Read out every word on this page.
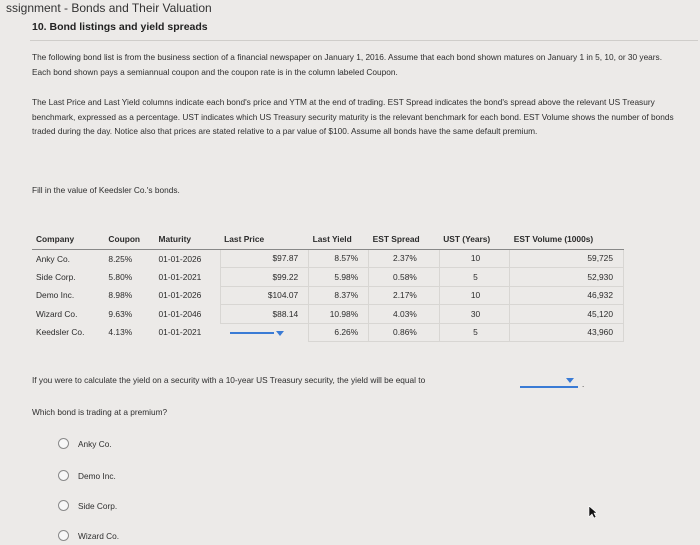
ssignment - Bonds and Their Valuation
10. Bond listings and yield spreads
The following bond list is from the business section of a financial newspaper on January 1, 2016. Assume that each bond shown matures on January 1 in 5, 10, or 30 years. Each bond shown pays a semiannual coupon and the coupon rate is in the column labeled Coupon.
The Last Price and Last Yield columns indicate each bond's price and YTM at the end of trading. EST Spread indicates the bond's spread above the relevant US Treasury benchmark, expressed as a percentage. UST indicates which US Treasury security maturity is the relevant benchmark for each bond. EST Volume shows the number of bonds traded during the day. Notice also that prices are stated relative to a par value of $100. Assume all bonds have the same default premium.
Fill in the value of Keedsler Co.'s bonds.
Company	Coupon	Maturity	Last Price	Last Yield	EST Spread	UST (Years)	EST Volume (1000s)
Anky Co.	8.25%	01-01-2026	$97.87	8.57%	2.37%	10	59,725
Side Corp.	5.80%	01-01-2021	$99.22	5.98%	0.58%	5	52,930
Demo Inc.	8.98%	01-01-2026	$104.07	8.37%	2.17%	10	46,932
Wizard Co.	9.63%	01-01-2046	$88.14	10.98%	4.03%	30	45,120
Keedsler Co.	4.13%	01-01-2021		6.26%	0.86%	5	43,960
If you were to calculate the yield on a security with a 10-year US Treasury security, the yield will be equal to	.
Which bond is trading at a premium?
Anky Co.
Demo Inc.
Side Corp.
Wizard Co.
